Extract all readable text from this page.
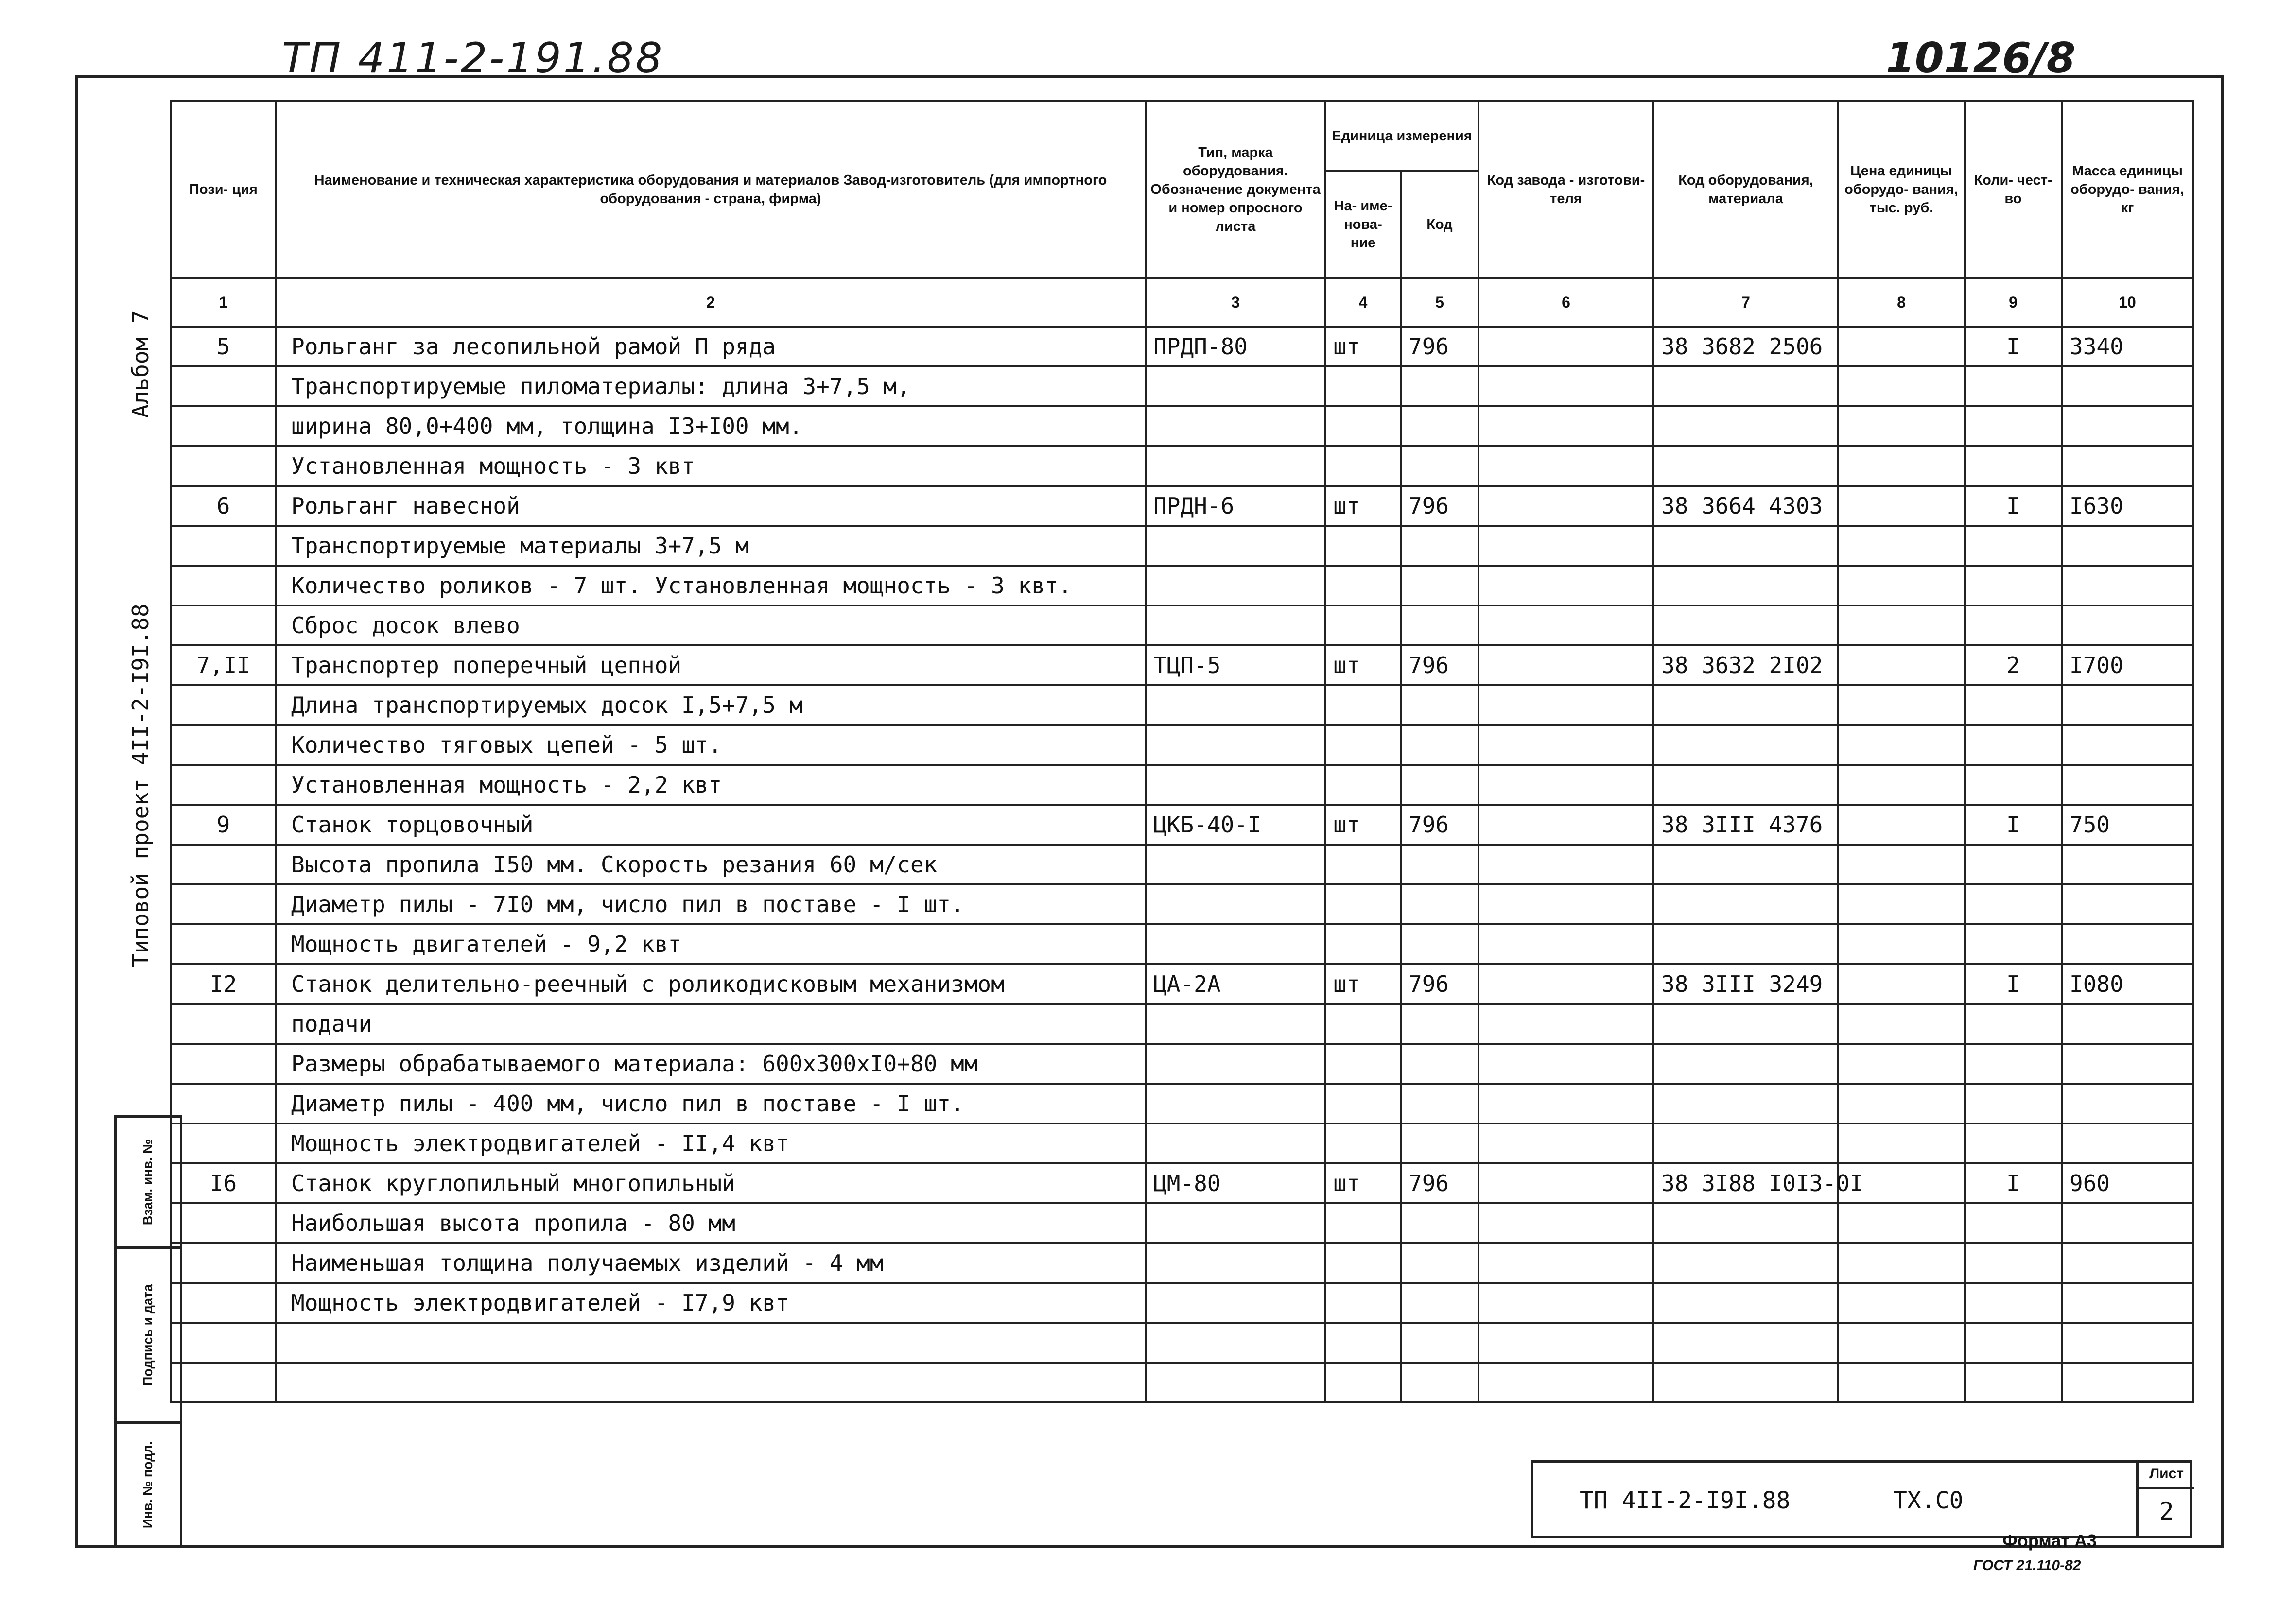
ТП 411-2-191.88	10126/8
Альбом 7
Типовой проект 4II-2-I9I.88
Взам. инв. №
Подпись и дата
Инв. № подл.
Пози- ция	Наименование и техническая характеристика оборудования и материалов Завод-изготовитель (для импортного оборудования - страна, фирма)	Тип, марка оборудования. Обозначение документа и номер опросного листа	Единица измерения		Код завода - изготови- теля	Код оборудования, материала	Цена единицы оборудо- вания, тыс. руб.	Коли- чест- во	Масса единицы оборудо- вания, кг
			На- име- нова- ние	Код					
1	2	3	4	5	6	7	8	9	10
5	Рольганг за лесопильной рамой П ряда	ПРДП-80	шт	796		38 3682 2506		I	3340
	Транспортируемые пиломатериалы: длина 3+7,5 м,								
	ширина 80,0+400 мм, толщина I3+I00 мм.								
	Установленная мощность - 3 квт								
6	Рольганг навесной	ПРДН-6	шт	796		38 3664 4303		I	I630
	Транспортируемые материалы 3+7,5 м								
	Количество роликов - 7 шт. Установленная мощность - 3 квт.								
	Сброс досок влево								
7,II	Транспортер поперечный цепной	ТЦП-5	шт	796		38 3632 2I02		2	I700
	Длина транспортируемых досок I,5+7,5 м								
	Количество тяговых цепей - 5 шт.								
	Установленная мощность - 2,2 квт								
9	Станок торцовочный	ЦКБ-40-I	шт	796		38 3III 4376		I	750
	Высота пропила I50 мм. Скорость резания 60 м/сек								
	Диаметр пилы - 7I0 мм, число пил в поставе - I шт.								
	Мощность двигателей - 9,2 квт								
I2	Станок делительно-реечный с роликодисковым механизмом	ЦА-2А	шт	796		38 3III 3249		I	I080
	подачи								
	Размеры обрабатываемого материала: 600х300хI0+80 мм								
	Диаметр пилы - 400 мм, число пил в поставе - I шт.								
	Мощность электродвигателей - II,4 квт								
I6	Станок круглопильный многопильный	ЦМ-80	шт	796		38 3I88 I0I3-0I		I	960
	Наибольшая высота пропила - 80 мм								
	Наименьшая толщина получаемых изделий - 4 мм								
	Мощность электродвигателей - I7,9 квт								

ТП 4II-2-I9I.88	ТХ.С0
Лист
2
Формат А3
ГОСТ 21.110-82
